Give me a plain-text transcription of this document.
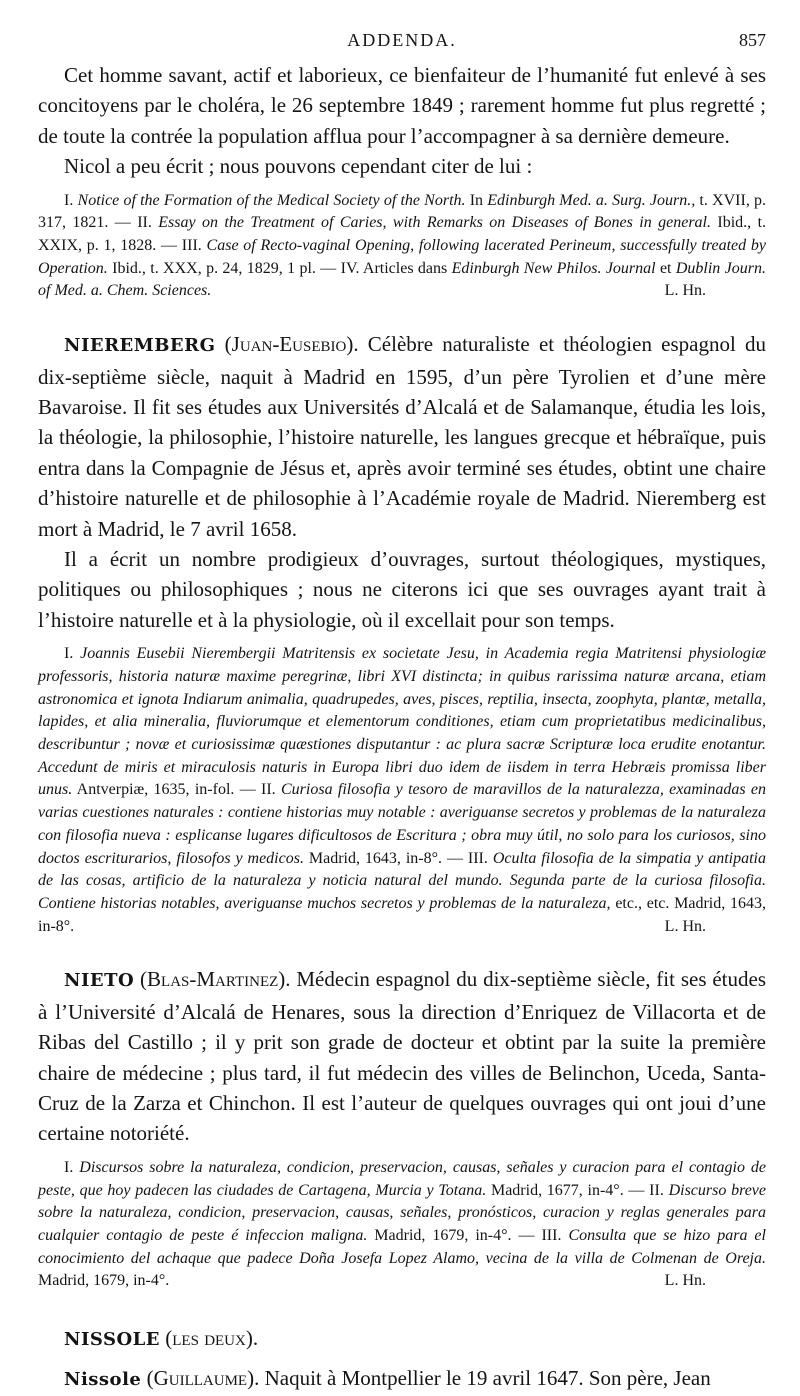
ADDENDA.	857

Cet homme savant, actif et laborieux, ce bienfaiteur de l’humanité fut enlevé à ses concitoyens par le choléra, le 26 septembre 1849 ; rarement homme fut plus regretté ; de toute la contrée la population afflua pour l’accompagner à sa dernière demeure.

Nicol a peu écrit ; nous pouvons cependant citer de lui :

I. Notice of the Formation of the Medical Society of the North. In Edinburgh Med. a. Surg. Journ., t. XVII, p. 317, 1821. — II. Essay on the Treatment of Caries, with Remarks on Diseases of Bones in general. Ibid., t. XXIX, p. 1, 1828. — III. Case of Recto-vaginal Opening, following lacerated Perineum, successfully treated by Operation. Ibid., t. XXX, p. 24, 1829, 1 pl. — IV. Articles dans Edinburgh New Philos. Journal et Dublin Journ. of Med. a. Chem. Sciences.	L. Hn.

NIEREMBERG (Juan-Eusebio). Célèbre naturaliste et théologien espagnol du dix-septième siècle, naquit à Madrid en 1595, d’un père Tyrolien et d’une mère Bavaroise. Il fit ses études aux Universités d’Alcalá et de Salamanque, étudia les lois, la théologie, la philosophie, l’histoire naturelle, les langues grecque et hébraïque, puis entra dans la Compagnie de Jésus et, après avoir terminé ses études, obtint une chaire d’histoire naturelle et de philosophie à l’Académie royale de Madrid. Nieremberg est mort à Madrid, le 7 avril 1658.

Il a écrit un nombre prodigieux d’ouvrages, surtout théologiques, mystiques, politiques ou philosophiques ; nous ne citerons ici que ses ouvrages ayant trait à l’histoire naturelle et à la physiologie, où il excellait pour son temps.

I. Joannis Eusebii Nierembergii Matritensis ex societate Jesu, in Academia regia Matritensi physiologiæ professoris, historia naturæ maxime peregrinæ, libri XVI distincta; in quibus rarissima naturæ arcana, etiam astronomica et ignota Indiarum animalia, quadrupedes, aves, pisces, reptilia, insecta, zoophyta, plantæ, metalla, lapides, et alia mineralia, fluviorumque et elementorum conditiones, etiam cum proprietatibus medicinalibus, describuntur ; novæ et curiosissimæ quæstiones disputantur : ac plura sacræ Scripturæ loca erudite enotantur. Accedunt de miris et miraculosis naturis in Europa libri duo idem de iisdem in terra Hebræis promissa liber unus. Antverpiæ, 1635, in-fol. — II. Curiosa filosofia y tesoro de maravillos de la naturalezza, examinadas en varias cuestiones naturales : contiene historias muy notable : averiguanse secretos y problemas de la naturaleza con filosofia nueva : esplicanse lugares dificultosos de Escritura ; obra muy útil, no solo para los curiosos, sino doctos escriturarios, filosofos y medicos. Madrid, 1643, in-8°. — III. Oculta filosofia de la simpatia y antipatia de las cosas, artificio de la naturaleza y noticia natural del mundo. Segunda parte de la curiosa filosofia. Contiene historias notables, averiguanse muchos secretos y problemas de la naturaleza, etc., etc. Madrid, 1643, in-8°.	L. Hn.

NIETO (Blas-Martinez). Médecin espagnol du dix-septième siècle, fit ses études à l’Université d’Alcalá de Henares, sous la direction d’Enriquez de Villacorta et de Ribas del Castillo ; il y prit son grade de docteur et obtint par la suite la première chaire de médecine ; plus tard, il fut médecin des villes de Belinchon, Uceda, Santa-Cruz de la Zarza et Chinchon. Il est l’auteur de quelques ouvrages qui ont joui d’une certaine notoriété.

I. Discursos sobre la naturaleza, condicion, preservacion, causas, señales y curacion para el contagio de peste, que hoy padecen las ciudades de Cartagena, Murcia y Totana. Madrid, 1677, in-4°. — II. Discurso breve sobre la naturaleza, condicion, preservacion, causas, señales, pronósticos, curacion y reglas generales para cualquier contagio de peste é infeccion maligna. Madrid, 1679, in-4°. — III. Consulta que se hizo para el conocimiento del achaque que padece Doña Josefa Lopez Alamo, vecina de la villa de Colmenan de Oreja. Madrid, 1679, in-4°.	L. Hn.

NISSOLE (les deux).

Nissole (Guillaume). Naquit à Montpellier le 19 avril 1647. Son père, Jean
